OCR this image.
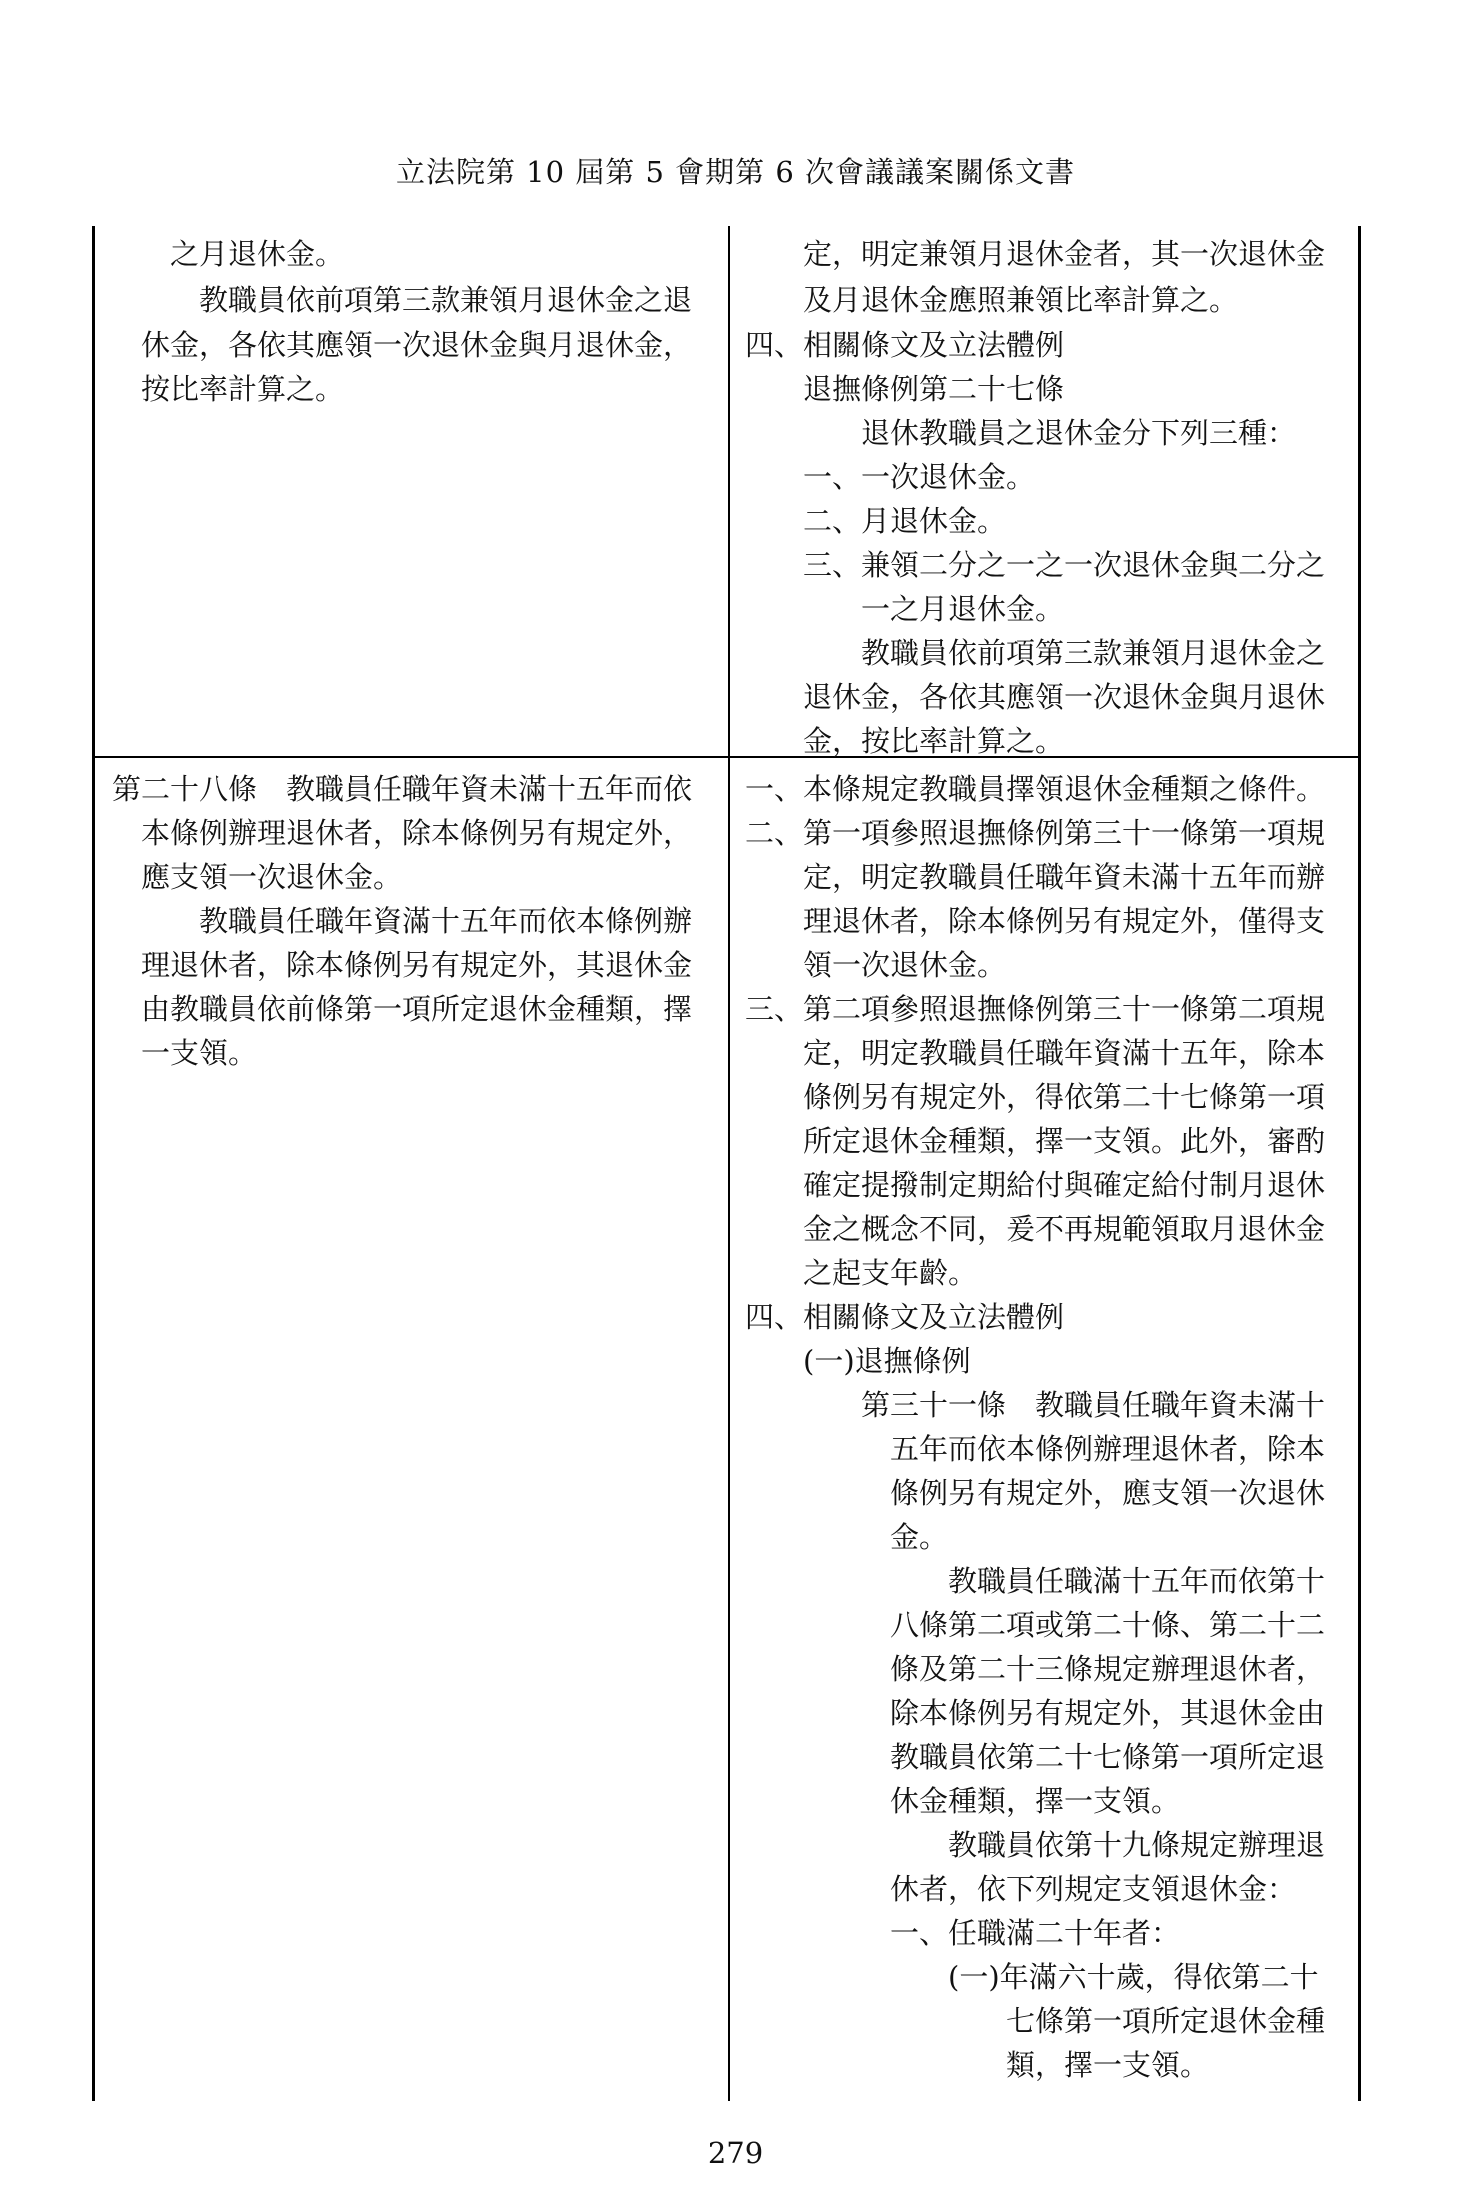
立法院第 10 屆第 5 會期第 6 次會議議案關係文書
之月退休金。
教職員依前項第三款兼領月退休金之退
休金，各依其應領一次退休金與月退休金，
按比率計算之。
定，明定兼領月退休金者，其一次退休金
及月退休金應照兼領比率計算之。
四、相關條文及立法體例
退撫條例第二十七條
退休教職員之退休金分下列三種：
一、一次退休金。
二、月退休金。
三、兼領二分之一之一次退休金與二分之
一之月退休金。
教職員依前項第三款兼領月退休金之
退休金，各依其應領一次退休金與月退休
金，按比率計算之。
第二十八條　教職員任職年資未滿十五年而依
本條例辦理退休者，除本條例另有規定外，
應支領一次退休金。
教職員任職年資滿十五年而依本條例辦
理退休者，除本條例另有規定外，其退休金
由教職員依前條第一項所定退休金種類，擇
一支領。
一、本條規定教職員擇領退休金種類之條件。
二、第一項參照退撫條例第三十一條第一項規
定，明定教職員任職年資未滿十五年而辦
理退休者，除本條例另有規定外，僅得支
領一次退休金。
三、第二項參照退撫條例第三十一條第二項規
定，明定教職員任職年資滿十五年，除本
條例另有規定外，得依第二十七條第一項
所定退休金種類，擇一支領。此外，審酌
確定提撥制定期給付與確定給付制月退休
金之概念不同，爰不再規範領取月退休金
之起支年齡。
四、相關條文及立法體例
(一)退撫條例
第三十一條　教職員任職年資未滿十
五年而依本條例辦理退休者，除本
條例另有規定外，應支領一次退休
金。
教職員任職滿十五年而依第十
八條第二項或第二十條、第二十二
條及第二十三條規定辦理退休者，
除本條例另有規定外，其退休金由
教職員依第二十七條第一項所定退
休金種類，擇一支領。
教職員依第十九條規定辦理退
休者，依下列規定支領退休金：
一、任職滿二十年者：
(一)年滿六十歲，得依第二十
七條第一項所定退休金種
類，擇一支領。
279
